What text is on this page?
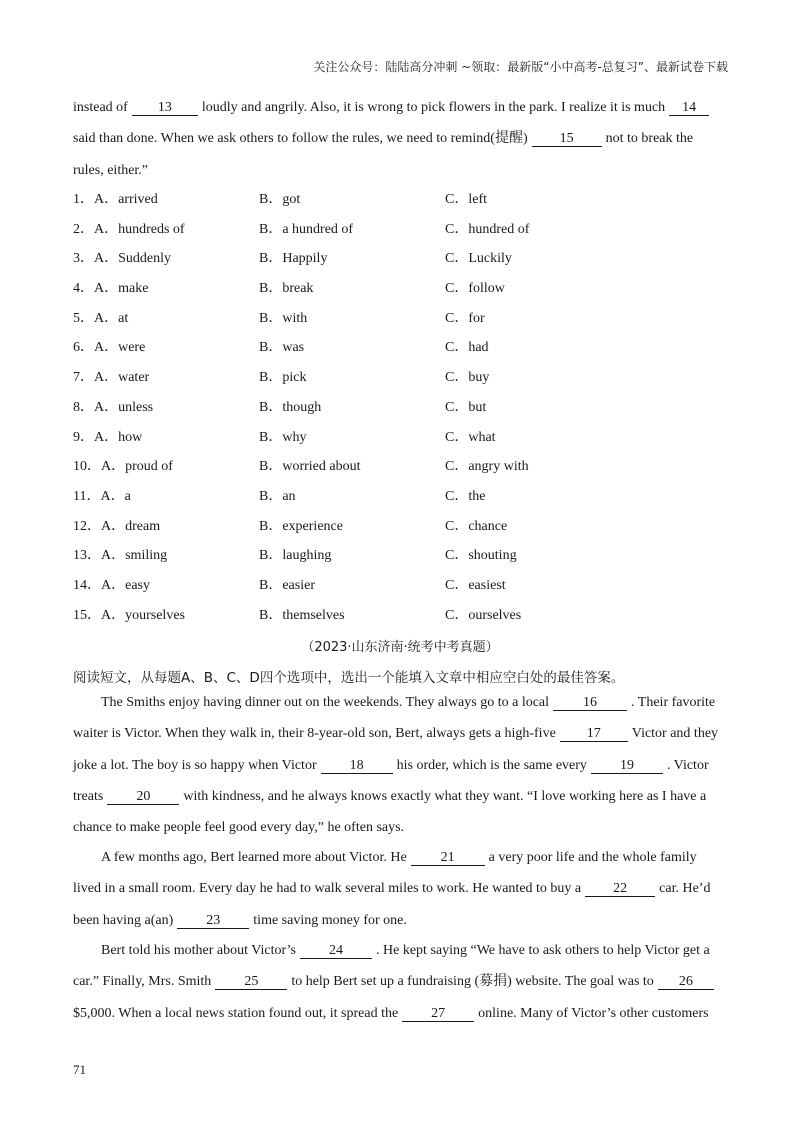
关注公众号：陆陆高分冲刺 ~领取：最新版“小中高考-总复习”、最新试卷下载
instead of 13 loudly and angrily. Also, it is wrong to pick flowers in the park. I realize it is much 14
said than done. When we ask others to follow the rules, we need to remind(提醒) 15 not to break the
rules, either.”
1．A．arrived	B．got	C．left
2．A．hundreds of	B．a hundred of	C．hundred of
3．A．Suddenly	B．Happily	C．Luckily
4．A．make	B．break	C．follow
5．A．at	B．with	C．for
6．A．were	B．was	C．had
7．A．water	B．pick	C．buy
8．A．unless	B．though	C．but
9．A．how	B．why	C．what
10．A．proud of	B．worried about	C．angry with
11．A．a	B．an	C．the
12．A．dream	B．experience	C．chance
13．A．smiling	B．laughing	C．shouting
14．A．easy	B．easier	C．easiest
15．A．yourselves	B．themselves	C．ourselves
（2023·山东济南·统考中考真题）
阅读短文，从每题A、B、C、D四个选项中，选出一个能填入文章中相应空白处的最佳答案。
The Smiths enjoy having dinner out on the weekends. They always go to a local 16 . Their favorite
waiter is Victor. When they walk in, their 8-year-old son, Bert, always gets a high-five 17 Victor and they
joke a lot. The boy is so happy when Victor 18 his order, which is the same every 19 . Victor
treats 20 with kindness, and he always knows exactly what they want. “I love working here as I have a
chance to make people feel good every day,” he often says.
A few months ago, Bert learned more about Victor. He 21 a very poor life and the whole family
lived in a small room. Every day he had to walk several miles to work. He wanted to buy a 22 car. He’d
been having a(an) 23 time saving money for one.
Bert told his mother about Victor’s 24 . He kept saying “We have to ask others to help Victor get a
car.” Finally, Mrs. Smith 25 to help Bert set up a fundraising (募捐) website. The goal was to 26
$5,000. When a local news station found out, it spread the 27 online. Many of Victor’s other customers
71
